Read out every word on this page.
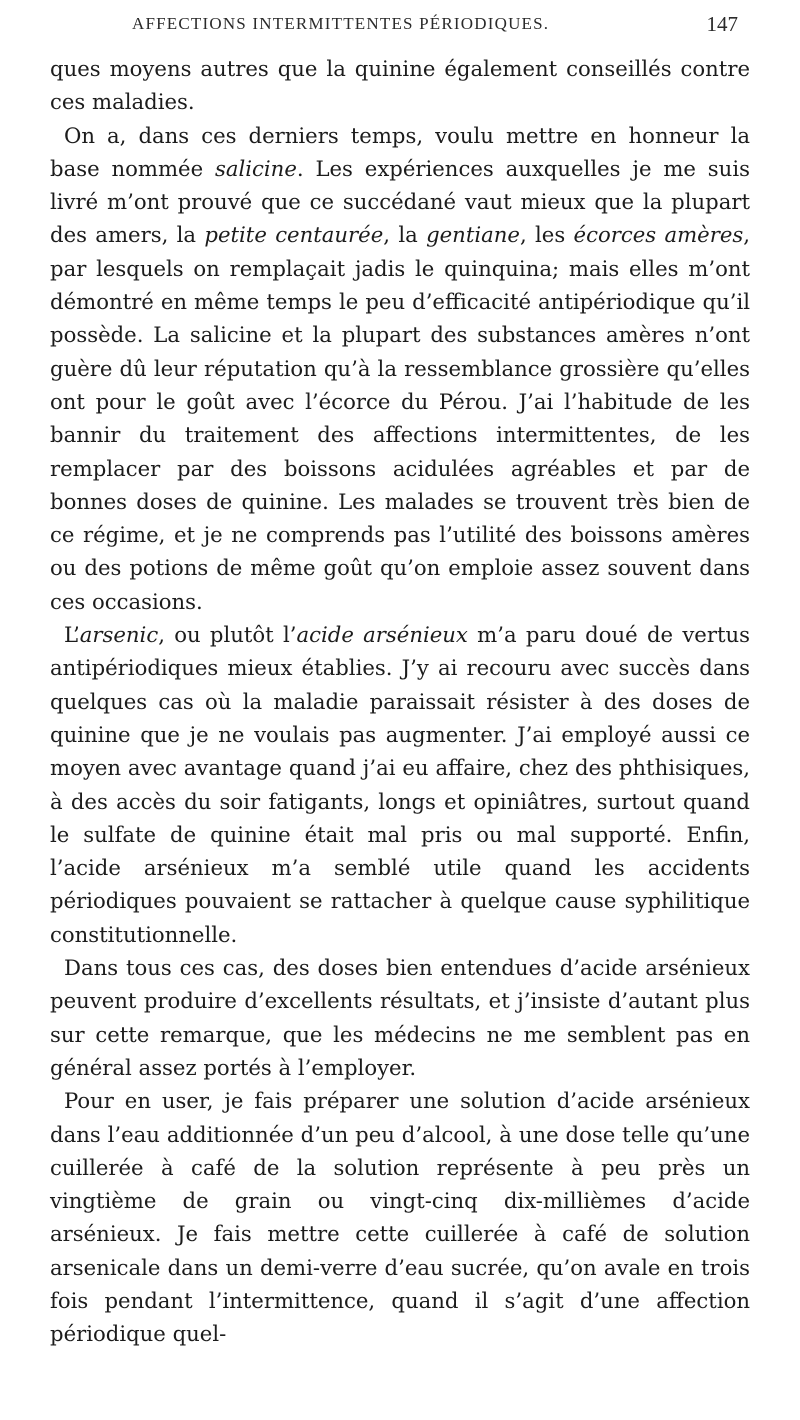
AFFECTIONS INTERMITTENTES PÉRIODIQUES.	147

ques moyens autres que la quinine également conseillés contre ces maladies.

On a, dans ces derniers temps, voulu mettre en honneur la base nommée salicine. Les expériences auxquelles je me suis livré m’ont prouvé que ce succédané vaut mieux que la plupart des amers, la petite centaurée, la gentiane, les écorces amères, par lesquels on remplaçait jadis le quinquina; mais elles m’ont démontré en même temps le peu d’efficacité antipériodique qu’il possède. La salicine et la plupart des substances amères n’ont guère dû leur réputation qu’à la ressemblance grossière qu’elles ont pour le goût avec l’écorce du Pérou. J’ai l’habitude de les bannir du traitement des affections intermittentes, de les remplacer par des boissons acidulées agréables et par de bonnes doses de quinine. Les malades se trouvent très bien de ce régime, et je ne comprends pas l’utilité des boissons amères ou des potions de même goût qu’on emploie assez souvent dans ces occasions.

L’arsenic, ou plutôt l’acide arsénieux m’a paru doué de vertus antipériodiques mieux établies. J’y ai recouru avec succès dans quelques cas où la maladie paraissait résister à des doses de quinine que je ne voulais pas augmenter. J’ai employé aussi ce moyen avec avantage quand j’ai eu affaire, chez des phthisiques, à des accès du soir fatigants, longs et opiniâtres, surtout quand le sulfate de quinine était mal pris ou mal supporté. Enfin, l’acide arsénieux m’a semblé utile quand les accidents périodiques pouvaient se rattacher à quelque cause syphilitique constitutionnelle.

Dans tous ces cas, des doses bien entendues d’acide arsénieux peuvent produire d’excellents résultats, et j’insiste d’autant plus sur cette remarque, que les médecins ne me semblent pas en général assez portés à l’employer.

Pour en user, je fais préparer une solution d’acide arsénieux dans l’eau additionnée d’un peu d’alcool, à une dose telle qu’une cuillerée à café de la solution représente à peu près un vingtième de grain ou vingt-cinq dix-millièmes d’acide arsénieux. Je fais mettre cette cuillerée à café de solution arsenicale dans un demi-verre d’eau sucrée, qu’on avale en trois fois pendant l’intermittence, quand il s’agit d’une affection périodique quel-
